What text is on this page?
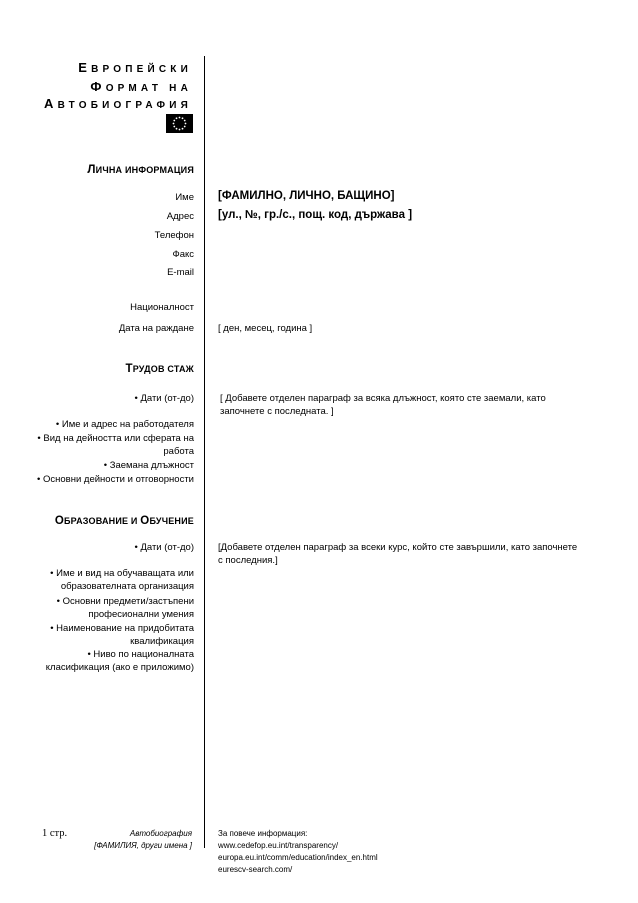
ЕВРОПЕЙСКИ
ФОРМАТ НА
АВТОБИОГРАФИЯ
ЛИЧНА ИНФОРМАЦИЯ
Име [ФАМИЛНО, ЛИЧНО, БАЩИНО]
Адрес [ул., №, гр./с., пощ. код, държава ]
Телефон
Факс
E-mail
Националност
Дата на раждане	[ ден, месец, година ]
ТРУДОВ СТАЖ
• Дати (от-до)	[ Добавете отделен параграф за всяка длъжност, която сте заемали, като започнете с последната. ]
• Име и адрес на работодателя
• Вид на дейността или сферата на работа
• Заемана длъжност
• Основни дейности и отговорности
ОБРАЗОВАНИЕ И ОБУЧЕНИЕ
• Дати (от-до)	[Добавете отделен параграф за всеки курс, който сте завършили, като започнете с последния.]
• Име и вид на обучаващата или образователната организация
• Основни предмети/застъпени професионални умения
• Наименование на придобитата квалификация
• Ниво по националната класификация (ако е приложимо)
1 стр.	Автобиография
[ФАМИЛИЯ, други имена ]
За повече информация:
www.cedefop.eu.int/transparency/
europa.eu.int/comm/education/index_en.html
eurescv-search.com/
